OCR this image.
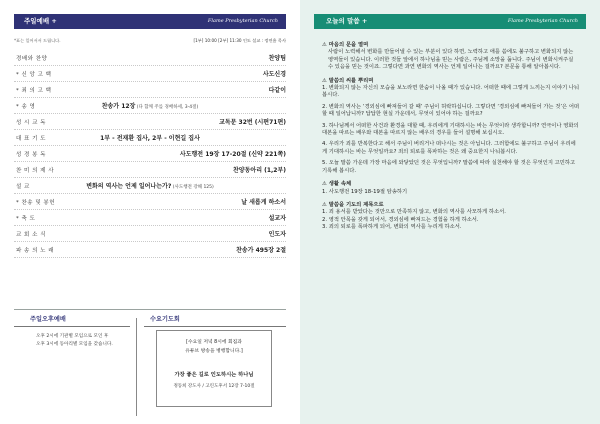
주일예배 +	Flame Presbyterian Church
*표는 일어서서 드립니다.	[1부] 10:00 [2부] 11:30 인도 설교 : 정연흠 목사
경배와 찬양	찬양팀
* 신 앙 고 백	사도신경
* 죄 의 고 백	다같이
* 송 영	찬송가 12장 (다 함께 주를 경배하세, 3-4절)
성 시 교 독	교독문 32번 (시편71편)
대 표 기 도	1부 - 전재환 집사, 2부 - 이현길 집사
성 경 봉 독	사도행전 19장 17-20절 (신약 221쪽)
찬 미 의 제 사	찬양동아리 (1,2부)
설 교	변화의 역사는 언제 일어나는가? (사도행전 강해 125)
* 찬송 및 봉헌	날 새롭게 하소서
* 축 도	설교자
교 회 소 식	인도자
파 송 의 노 래	찬송가 495장 2절
주일오후예배
오후 2시에 기관별 모임으로 모인 후
오후 3시에 동아리별 모임을 갖습니다.
수요기도회
[수요일 저녁 8시에 회집과
유튜브 방송을 병행합니다.]
가장 좋은 길로 인도하시는 하나님
정동희 강도사 / 고린도후서 12장 7-10절
오늘의 말씀 +	Flame Presbyterian Church
⚠ 마음의 문을 열며
사람이 노력해서 변화를 만들어낼 수 있는 부분이 있다 하면, 노력하고 애를 씀에도 불구하고 변화되지 않는 영역들이 있습니다. 이러한 것들 앞에서 하나님을 믿는 사람은, 주님께 소망을 둡니다. 주님이 변화시켜주실 수 있음을 믿는 것이죠. 그렇다면 과연 변화의 역사는 언제 일어나는 걸까요? 본문을 통해 알아봅시다.
⚠ 말씀의 씨를 뿌리며
1. 변화되지 않는 자신의 모습을 보노라면 한숨이 나올 때가 있습니다. 어떠한 때에 그렇게 느끼는지 이야기 나눠봅시다.
2. 변화의 역사는 ‘경외심에 빠져들어 갈 때’ 주님이 허락하십니다. 그렇다면 ‘경외심에 빠져들어 가는 것’은 어떠할 때 일어납니까? 답답한 현실 가운데서, 무엇이 있어야 하는 걸까요?
3. 하나님께서 어떠한 사건과 환경을 대할 때, 우리에게 기대하시는 바는 무엇이라 생각합니까? 연극이나 영화의 대본을 따르는 배우와 대본을 따르지 않는 배우의 경우를 들어 설명해 보십시오.
4. 우리가 죄를 반복한다고 해서 주님이 버리거나 떠나시는 것은 아닙니다. 그러함에도 불구하고 주님이 우리에게 기대하시는 바는 무엇일까요? 죄의 퇴로를 폭파하는 것은 왜 중요한지 나눠봅시다.
5. 오늘 말씀 가운데 가장 마음에 와닿았던 것은 무엇입니까? 말씀에 따라 실천해야 할 것은 무엇인지 고민하고 기록해 봅시다.
⚠ 생활 속체
1. 사도행전 19장 18-19절 암송하기
⚠ 말씀을 기도의 제목으로
1. 죄 용서를 받았다는 것만으로 만족하지 않고, 변화의 역사를 사모하게 하소서.
2. 영적 안목을 갖게 되어서, 경외심에 빠져드는 경험을 하게 하소서.
3. 죄의 퇴로를 폭파하게 되어, 변화의 역사를 누리게 하소서.
